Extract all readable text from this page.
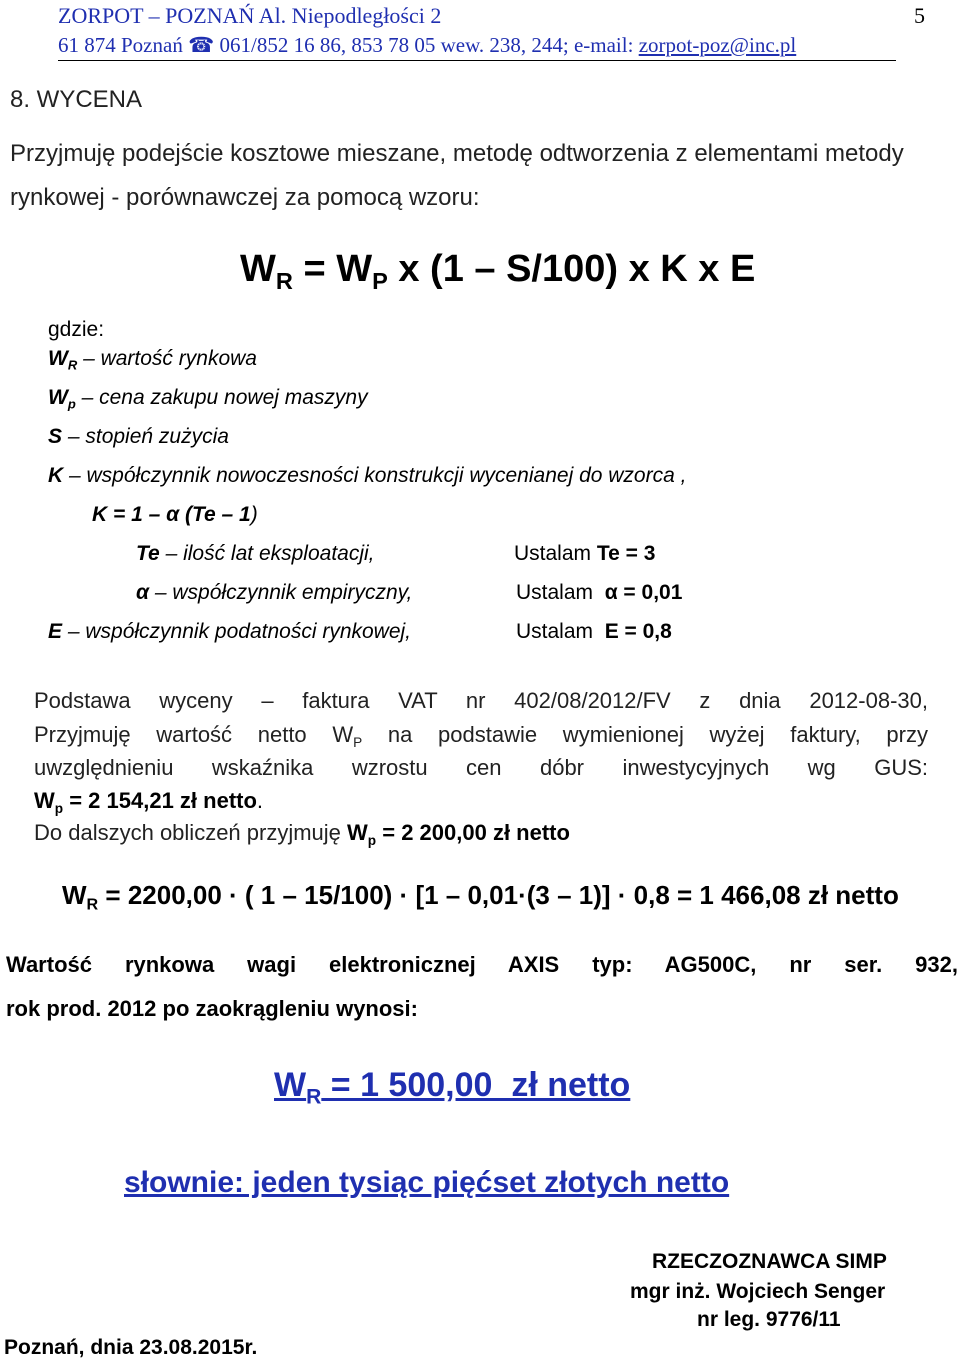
ZORPOT – POZNAŃ Al. Niepodległości 2	5
61 874 Poznań ☎ 061/852 16 86, 853 78 05 wew. 238, 244; e-mail: zorpot-poz@inc.pl
8. WYCENA
Przyjmuję podejście kosztowe mieszane, metodę odtworzenia z elementami metody
rynkowej - porównawczej za pomocą wzoru:
$W_R = W_P$ x (1 – S/100) x K x E
gdzie:
$W_R$ – wartość rynkowa
$W_p$ – cena zakupu nowej maszyny
S – stopień zużycia
K – współczynnik nowoczesności konstrukcji wycenianej do wzorca ,
K = 1 – α (Te – 1)
Te – ilość lat eksploatacji,
α – współczynnik empiryczny,
E – współczynnik podatności rynkowej,
Ustalam Te = 3
Ustalam  α = 0,01
Ustalam  E = 0,8
Podstawa wyceny – faktura VAT nr 402/08/2012/FV z dnia 2012-08-30,
Przyjmuję wartość netto $W_P$ na podstawie wymienionej wyżej faktury, przy
uwzględnieniu wskaźnika wzrostu cen dóbr inwestycyjnych wg GUS:
$W_p = 2$ 154,21 zł netto.
Do dalszych obliczeń przyjmuję $W_p = 2$ 200,00 zł netto
$W_R = 2200,00$ · ( 1 – 15/100) · [1 – 0,01·(3 – 1)] · 0,8 = 1 466,08 zł netto
Wartość rynkowa wagi elektronicznej AXIS typ: AG500C, nr ser. 932,
rok prod. 2012 po zaokrągleniu wynosi:
$W_R = 1$ 500,00  zł netto
słownie: jeden tysiąc pięćset złotych netto
RZECZOZNAWCA SIMP
mgr inż. Wojciech Senger
nr leg. 9776/11
Poznań, dnia 23.08.2015r.
